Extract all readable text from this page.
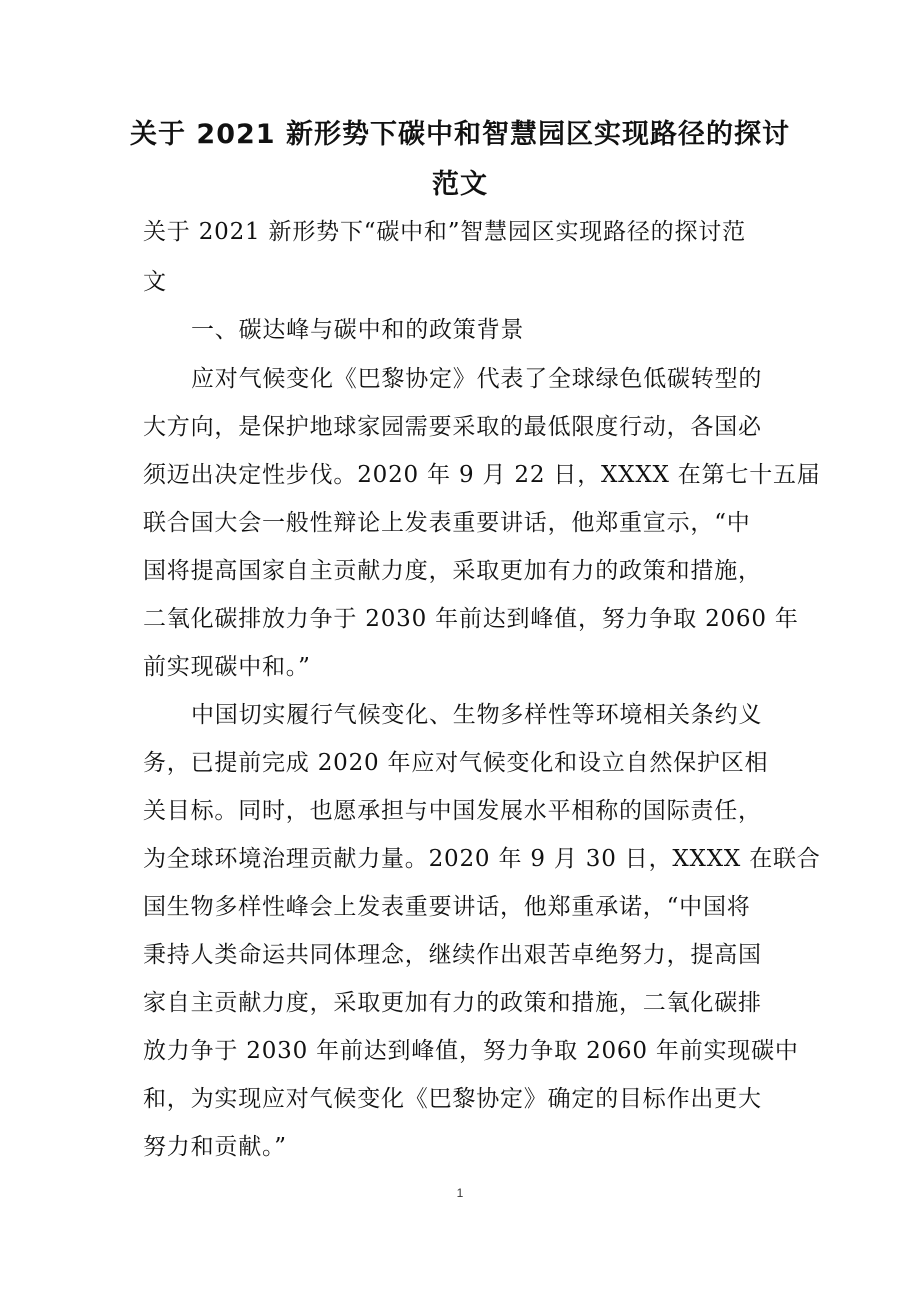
关于 2021 新形势下碳中和智慧园区实现路径的探讨
范文
关于 2021 新形势下“碳中和”智慧园区实现路径的探讨范
文
一、碳达峰与碳中和的政策背景
应对气候变化《巴黎协定》代表了全球绿色低碳转型的
大方向，是保护地球家园需要采取的最低限度行动，各国必
须迈出决定性步伐。2020 年 9 月 22 日，XXXX 在第七十五届
联合国大会一般性辩论上发表重要讲话，他郑重宣示，“中
国将提高国家自主贡献力度，采取更加有力的政策和措施，
二氧化碳排放力争于 2030 年前达到峰值，努力争取 2060 年
前实现碳中和。”
中国切实履行气候变化、生物多样性等环境相关条约义
务，已提前完成 2020 年应对气候变化和设立自然保护区相
关目标。同时，也愿承担与中国发展水平相称的国际责任，
为全球环境治理贡献力量。2020 年 9 月 30 日，XXXX 在联合
国生物多样性峰会上发表重要讲话，他郑重承诺，“中国将
秉持人类命运共同体理念，继续作出艰苦卓绝努力，提高国
家自主贡献力度，采取更加有力的政策和措施，二氧化碳排
放力争于 2030 年前达到峰值，努力争取 2060 年前实现碳中
和，为实现应对气候变化《巴黎协定》确定的目标作出更大
努力和贡献。”
1
